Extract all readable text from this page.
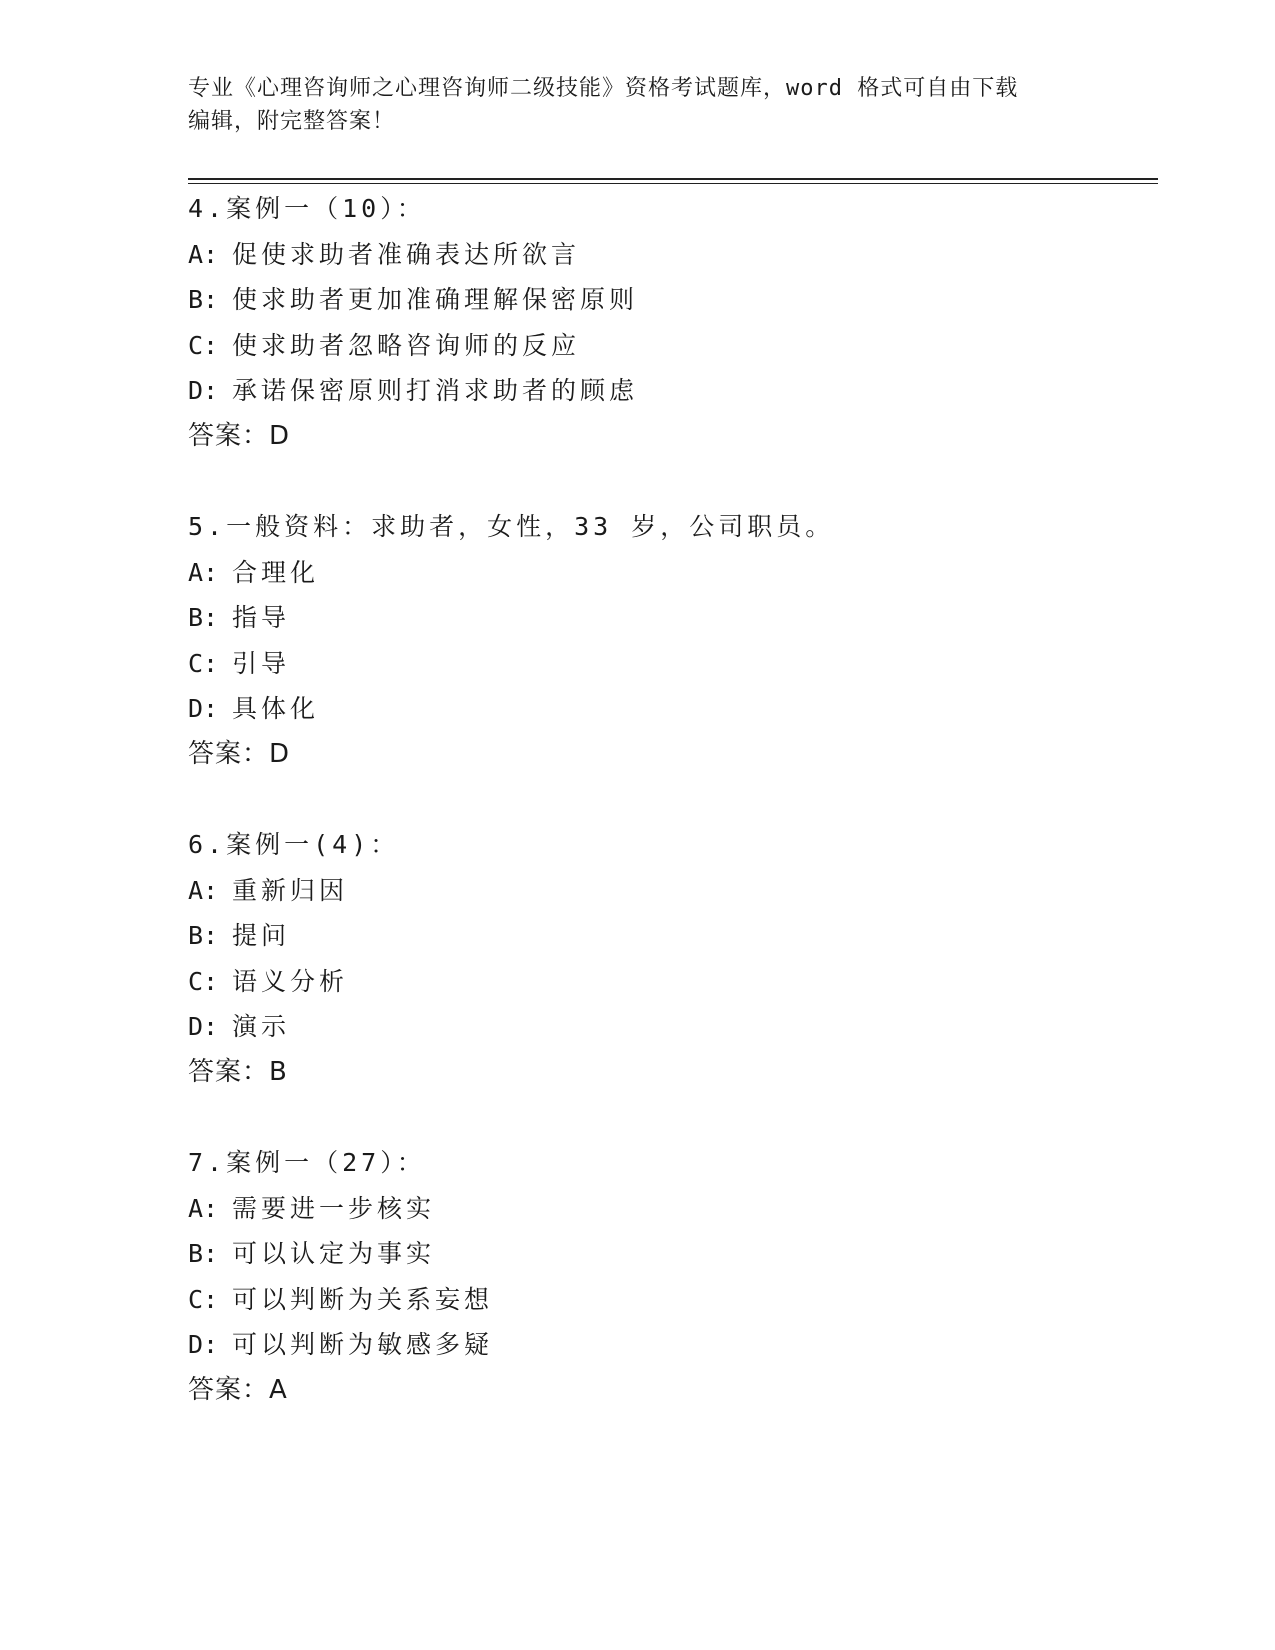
专业《心理咨询师之心理咨询师二级技能》资格考试题库，word 格式可自由下载
编辑，附完整答案！
4.案例一（10）：
A: 促使求助者准确表达所欲言
B: 使求助者更加准确理解保密原则
C: 使求助者忽略咨询师的反应
D: 承诺保密原则打消求助者的顾虑
答案：D
5.一般资料：求助者，女性，33 岁，公司职员。
A: 合理化
B: 指导
C: 引导
D: 具体化
答案：D
6.案例一(4)：
A: 重新归因
B: 提问
C: 语义分析
D: 演示
答案：B
7.案例一（27）：
A: 需要进一步核实
B: 可以认定为事实
C: 可以判断为关系妄想
D: 可以判断为敏感多疑
答案：A
